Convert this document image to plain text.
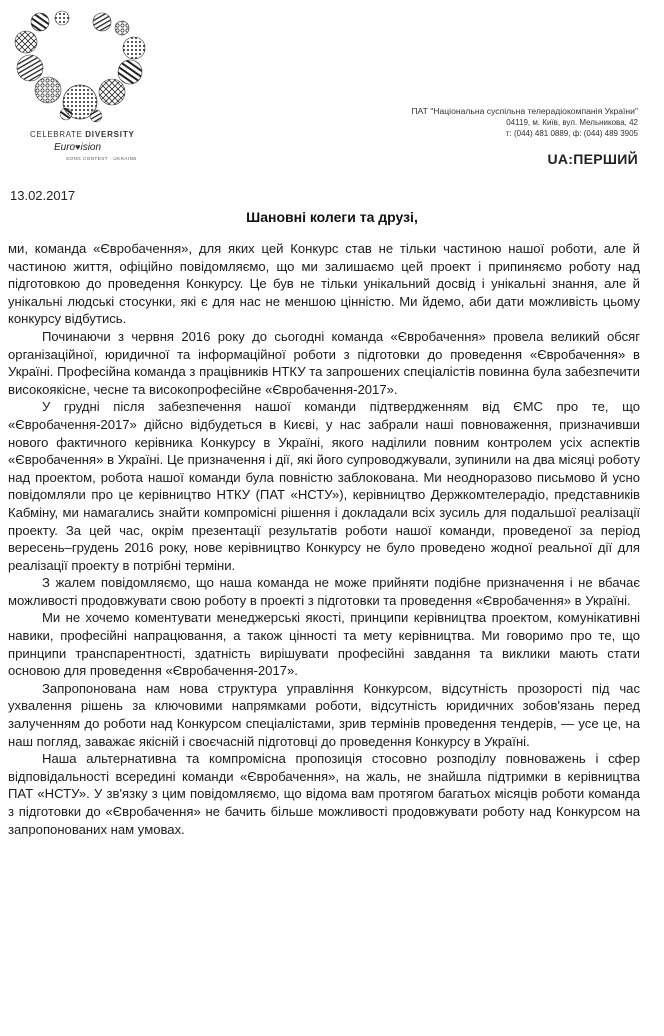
CELEBRATE DIVERSITY
Euro♥ision
SONG CONTEST · UKRAINE
ПАТ "Національна суспільна телерадіокомпанія України"
04119, м. Київ, вул. Мельникова, 42
т: (044) 481 0889, ф: (044) 489 3905
UA:ПЕРШИЙ
13.02.2017
Шановні колеги та друзі,

ми, команда «Євробачення», для яких цей Конкурс став не тільки частиною нашої роботи, але й частиною життя, офіційно повідомляємо, що ми залишаємо цей проект і припиняємо роботу над підготовкою до проведення Конкурсу. Це був не тільки унікальний досвід і унікальні знання, але й унікальні людські стосунки, які є для нас не меншою цінністю. Ми йдемо, аби дати можливість цьому конкурсу відбутись.

Починаючи з червня 2016 року до сьогодні команда «Євробачення» провела великий обсяг організаційної, юридичної та інформаційної роботи з підготовки до проведення «Євробачення» в Україні. Професійна команда з працівників НТКУ та запрошених спеціалістів повинна була забезпечити високоякісне, чесне та високопрофесійне «Євробачення-2017».

У грудні після забезпечення нашої команди підтвердженням від ЄМС про те, що «Євробачення-2017» дійсно відбудеться в Києві, у нас забрали наші повноваження, призначивши нового фактичного керівника Конкурсу в Україні, якого наділили повним контролем усіх аспектів «Євробачення» в Україні. Це призначення і дії, які його супроводжували, зупинили на два місяці роботу над проектом, робота нашої команди була повністю заблокована. Ми неодноразово письмово й усно повідомляли про це керівництво НТКУ (ПАТ «НСТУ»), керівництво Держкомтелерадіо, представників Кабміну, ми намагались знайти компромісні рішення і докладали всіх зусиль для подальшої реалізації проекту. За цей час, окрім презентації результатів роботи нашої команди, проведеної за період вересень–грудень 2016 року, нове керівництво Конкурсу не було проведено жодної реальної дії для реалізації проекту в потрібні терміни.

З жалем повідомляємо, що наша команда не може прийняти подібне призначення і не вбачає можливості продовжувати свою роботу в проекті з підготовки та проведення «Євробачення» в Україні.

Ми не хочемо коментувати менеджерські якості, принципи керівництва проектом, комунікативні навики, професійні напрацювання, а також цінності та мету керівництва. Ми говоримо про те, що принципи транспарентності, здатність вирішувати професійні завдання та виклики мають стати основою для проведення «Євробачення-2017».

Запропонована нам нова структура управління Конкурсом, відсутність прозорості під час ухвалення рішень за ключовими напрямками роботи, відсутність юридичних зобов'язань перед залученням до роботи над Конкурсом спеціалістами, зрив термінів проведення тендерів, — усе це, на наш погляд, заважає якісній і своєчасній підготовці до проведення Конкурсу в Україні.

Наша альтернативна та компромісна пропозиція стосовно розподілу повноважень і сфер відповідальності всередині команди «Євробачення», на жаль, не знайшла підтримки в керівництва ПАТ «НСТУ». У зв'язку з цим повідомляємо, що відома вам протягом багатьох місяців роботи команда з підготовки до «Євробачення» не бачить більше можливості продовжувати роботу над Конкурсом на запропонованих нам умовах.
